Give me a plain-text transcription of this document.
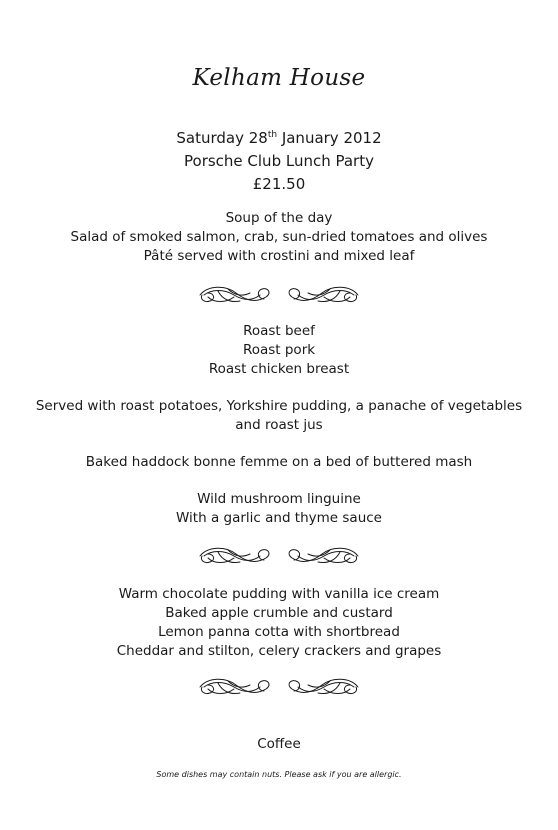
Kelham House
Saturday 28th January 2012
Porsche Club Lunch Party
£21.50
Soup of the day
Salad of smoked salmon, crab, sun-dried tomatoes and olives
Pâté served with crostini and mixed leaf
Roast beef
Roast pork
Roast chicken breast
Served with roast potatoes, Yorkshire pudding, a panache of vegetables
and roast jus
Baked haddock bonne femme on a bed of buttered mash
Wild mushroom linguine
With a garlic and thyme sauce
Warm chocolate pudding with vanilla ice cream
Baked apple crumble and custard
Lemon panna cotta with shortbread
Cheddar and stilton, celery crackers and grapes
Coffee
Some dishes may contain nuts. Please ask if you are allergic.
